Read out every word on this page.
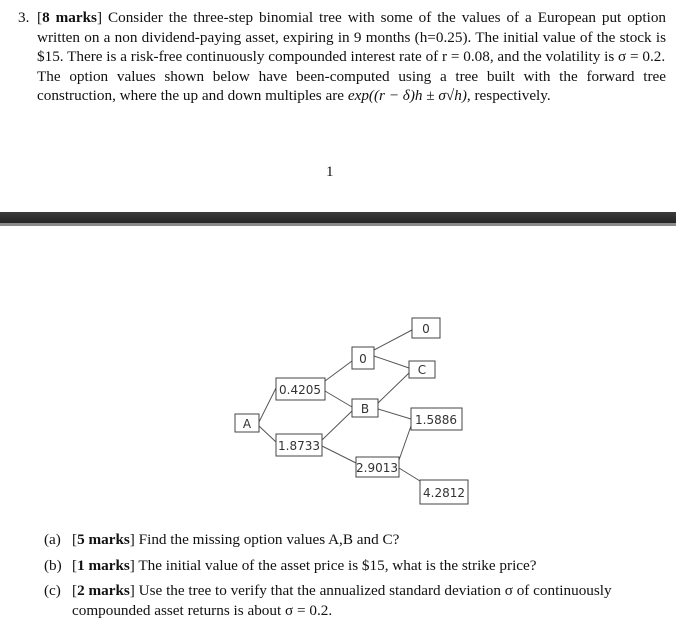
3. [8 marks] Consider the three-step binomial tree with some of the values of a European put option written on a non dividend-paying asset, expiring in 9 months (h=0.25). The initial value of the stock is $15. There is a risk-free continuously compounded interest rate of r = 0.08, and the volatility is σ = 0.2.

The option values shown below have been-computed using a tree built with the forward tree construction, where the up and down multiples are exp((r − δ)h ± σ√h), respectively.

1
A
0.4205
1.8733
0
B
2.9013
0
C
1.5886
4.2812
(a) [5 marks] Find the missing option values A,B and C?
(b) [1 marks] The initial value of the asset price is $15, what is the strike price?
(c) [2 marks] Use the tree to verify that the annualized standard deviation σ of continuously compounded asset returns is about σ = 0.2.
